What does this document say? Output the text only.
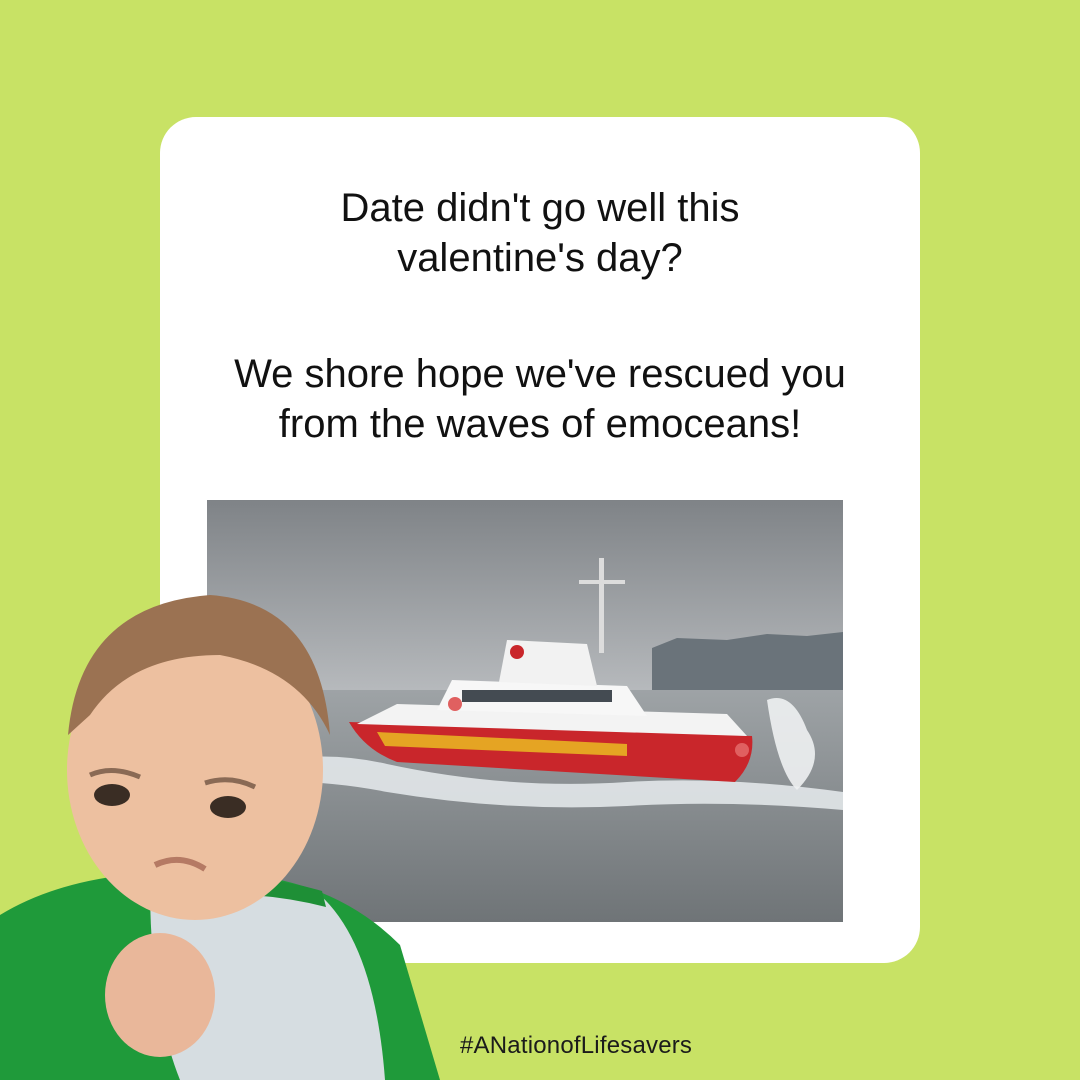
Date didn't go well this

valentine's day?

We shore hope we've rescued you

from the waves of emoceans!

#ANationofLifesavers
